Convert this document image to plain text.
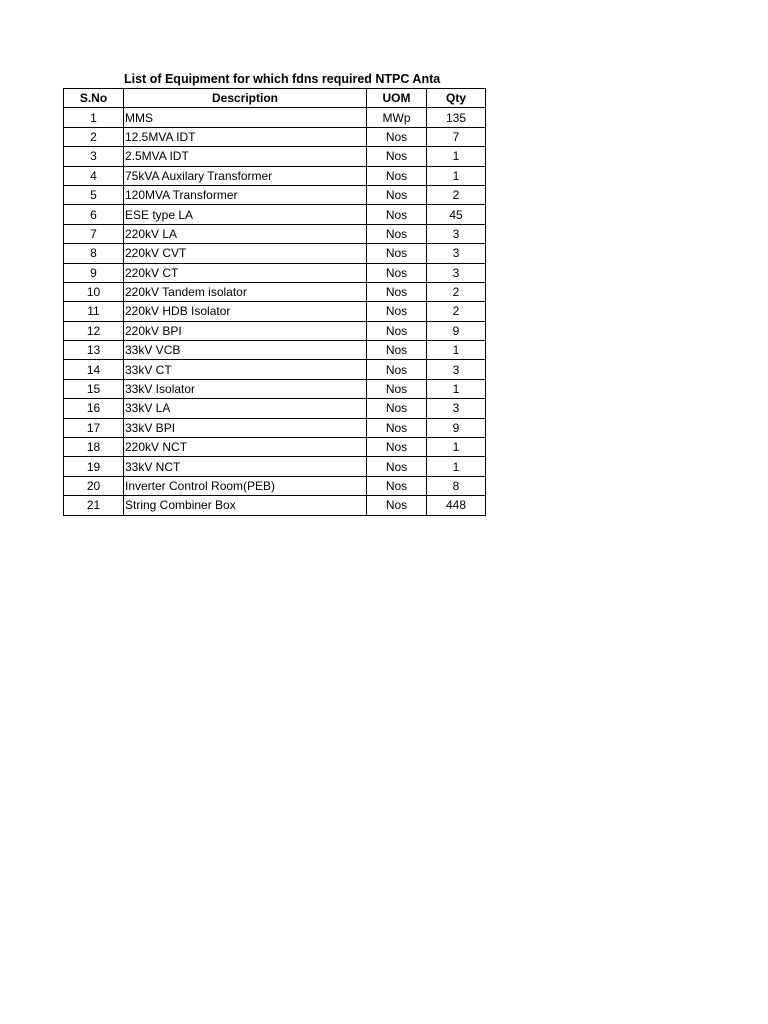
List of Equipment for which fdns required NTPC Anta
S.No	Description	UOM	Qty
1	MMS	MWp	135
2	12.5MVA IDT	Nos	7
3	2.5MVA IDT	Nos	1
4	75kVA Auxilary Transformer	Nos	1
5	120MVA Transformer	Nos	2
6	ESE type LA	Nos	45
7	220kV LA	Nos	3
8	220kV CVT	Nos	3
9	220kV CT	Nos	3
10	220kV Tandem isolator	Nos	2
11	220kV HDB Isolator	Nos	2
12	220kV BPI	Nos	9
13	33kV VCB	Nos	1
14	33kV CT	Nos	3
15	33kV Isolator	Nos	1
16	33kV LA	Nos	3
17	33kV BPI	Nos	9
18	220kV NCT	Nos	1
19	33kV NCT	Nos	1
20	Inverter Control Room(PEB)	Nos	8
21	String Combiner Box	Nos	448
